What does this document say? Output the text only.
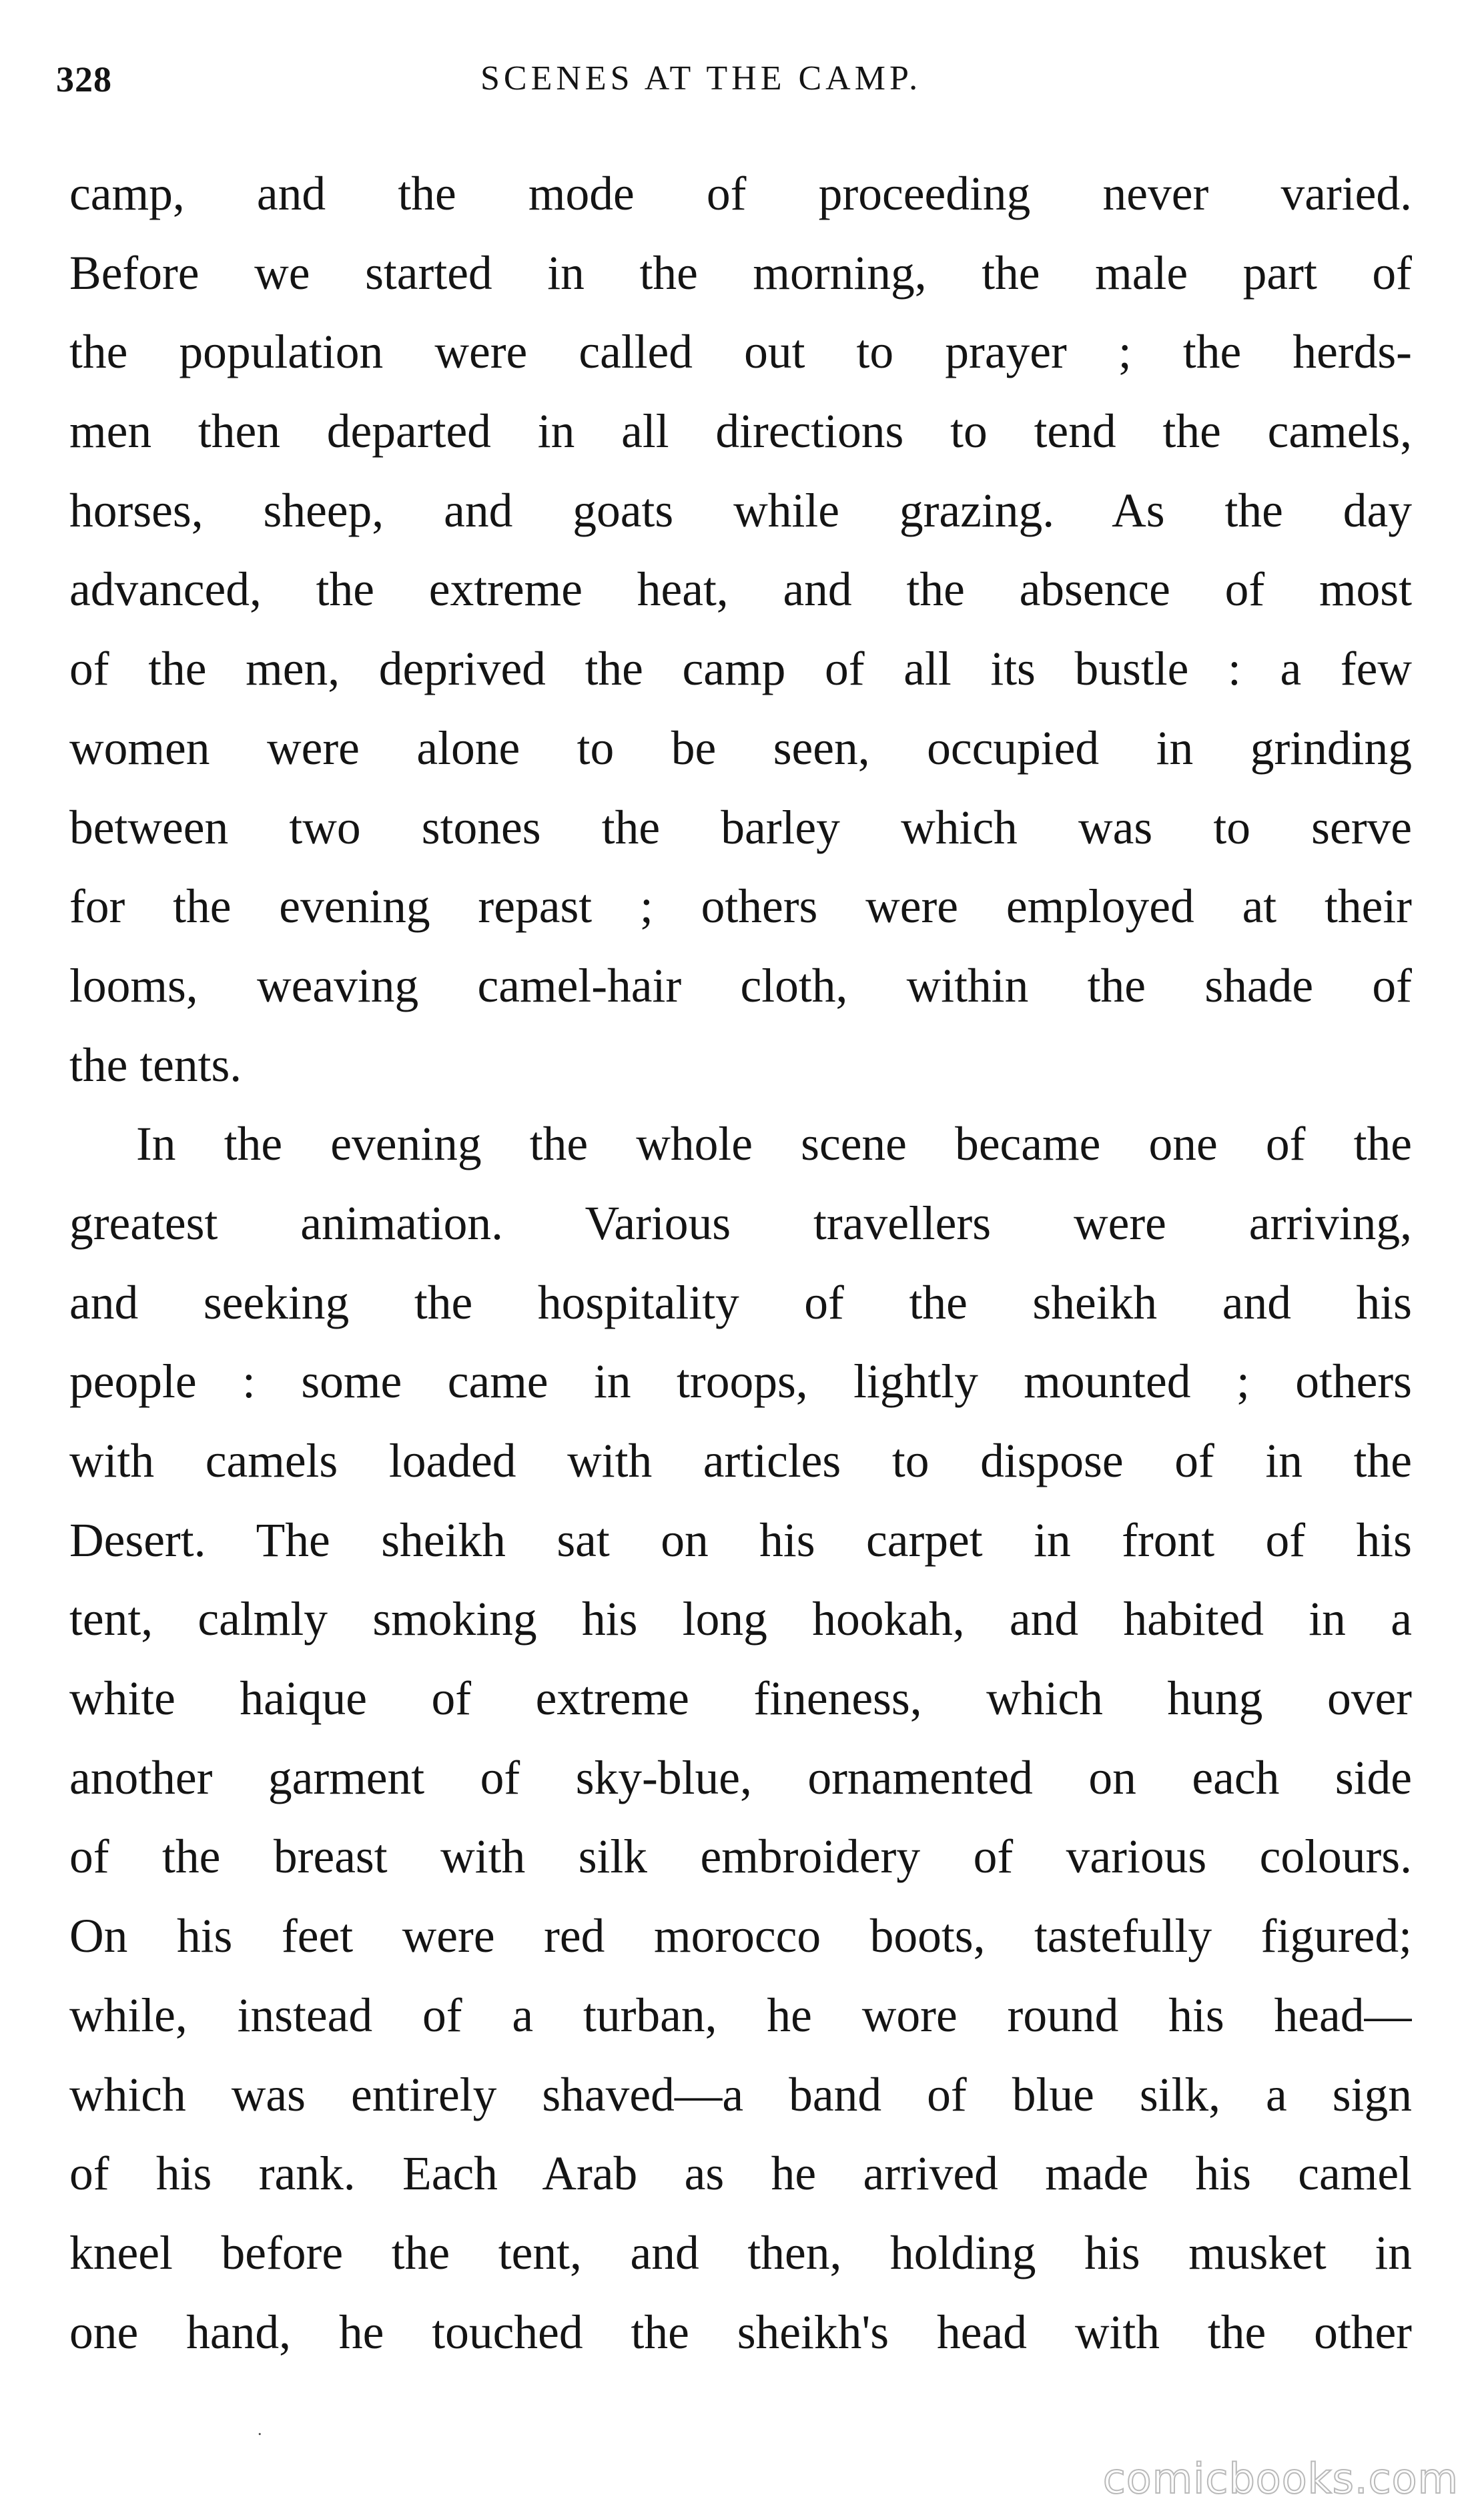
328	SCENES AT THE CAMP.
camp, and the mode of proceeding never varied.
Before we started in the morning, the male part of
the population were called out to prayer ; the herds-
men then departed in all directions to tend the camels,
horses, sheep, and goats while grazing. As the day
advanced, the extreme heat, and the absence of most
of the men, deprived the camp of all its bustle : a few
women were alone to be seen, occupied in grinding
between two stones the barley which was to serve
for the evening repast ; others were employed at their
looms, weaving camel-hair cloth, within the shade of
the tents.
In the evening the whole scene became one of the
greatest animation. Various travellers were arriving,
and seeking the hospitality of the sheikh and his
people : some came in troops, lightly mounted ; others
with camels loaded with articles to dispose of in the
Desert. The sheikh sat on his carpet in front of his
tent, calmly smoking his long hookah, and habited in a
white haique of extreme fineness, which hung over
another garment of sky-blue, ornamented on each side
of the breast with silk embroidery of various colours.
On his feet were red morocco boots, tastefully figured;
while, instead of a turban, he wore round his head—
which was entirely shaved—a band of blue silk, a sign
of his rank. Each Arab as he arrived made his camel
kneel before the tent, and then, holding his musket in
one hand, he touched the sheikh's head with the other
.
comicbooks.com
